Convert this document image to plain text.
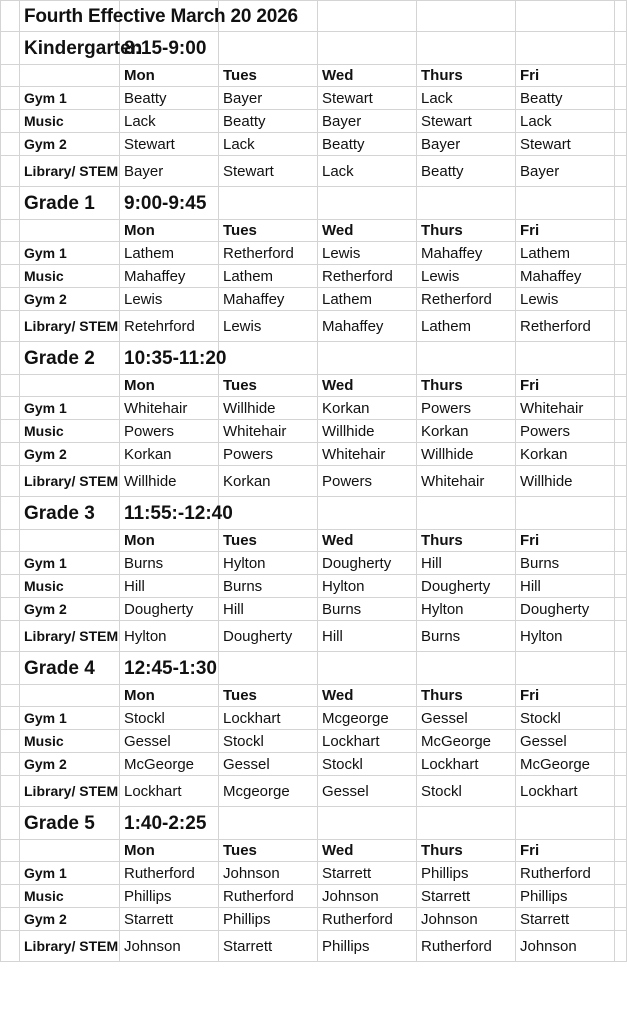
	Fourth Effective March 20 2026						
	Kindergarten	8:15-9:00					
		Mon	Tues	Wed	Thurs	Fri	
	Gym 1	Beatty	Bayer	Stewart	Lack	Beatty	
	Music	Lack	Beatty	Bayer	Stewart	Lack	
	Gym 2	Stewart	Lack	Beatty	Bayer	Stewart	
	Library/ STEM	Bayer	Stewart	Lack	Beatty	Bayer	
	Grade 1	9:00-9:45					
		Mon	Tues	Wed	Thurs	Fri	
	Gym 1	Lathem	Retherford	Lewis	Mahaffey	Lathem	
	Music	Mahaffey	Lathem	Retherford	Lewis	Mahaffey	
	Gym 2	Lewis	Mahaffey	Lathem	Retherford	Lewis	
	Library/ STEM	Retehrford	Lewis	Mahaffey	Lathem	Retherford	
	Grade 2	10:35-11:20					
		Mon	Tues	Wed	Thurs	Fri	
	Gym 1	Whitehair	Willhide	Korkan	Powers	Whitehair	
	Music	Powers	Whitehair	Willhide	Korkan	Powers	
	Gym 2	Korkan	Powers	Whitehair	Willhide	Korkan	
	Library/ STEM	Willhide	Korkan	Powers	Whitehair	Willhide	
	Grade 3	11:55:-12:40					
		Mon	Tues	Wed	Thurs	Fri	
	Gym 1	Burns	Hylton	Dougherty	Hill	Burns	
	Music	Hill	Burns	Hylton	Dougherty	Hill	
	Gym 2	Dougherty	Hill	Burns	Hylton	Dougherty	
	Library/ STEM	Hylton	Dougherty	Hill	Burns	Hylton	
	Grade 4	12:45-1:30					
		Mon	Tues	Wed	Thurs	Fri	
	Gym 1	Stockl	Lockhart	Mcgeorge	Gessel	Stockl	
	Music	Gessel	Stockl	Lockhart	McGeorge	Gessel	
	Gym 2	McGeorge	Gessel	Stockl	Lockhart	McGeorge	
	Library/ STEM	Lockhart	Mcgeorge	Gessel	Stockl	Lockhart	
	Grade 5	1:40-2:25					
		Mon	Tues	Wed	Thurs	Fri	
	Gym 1	Rutherford	Johnson	Starrett	Phillips	Rutherford	
	Music	Phillips	Rutherford	Johnson	Starrett	Phillips	
	Gym 2	Starrett	Phillips	Rutherford	Johnson	Starrett	
	Library/ STEM	Johnson	Starrett	Phillips	Rutherford	Johnson	
